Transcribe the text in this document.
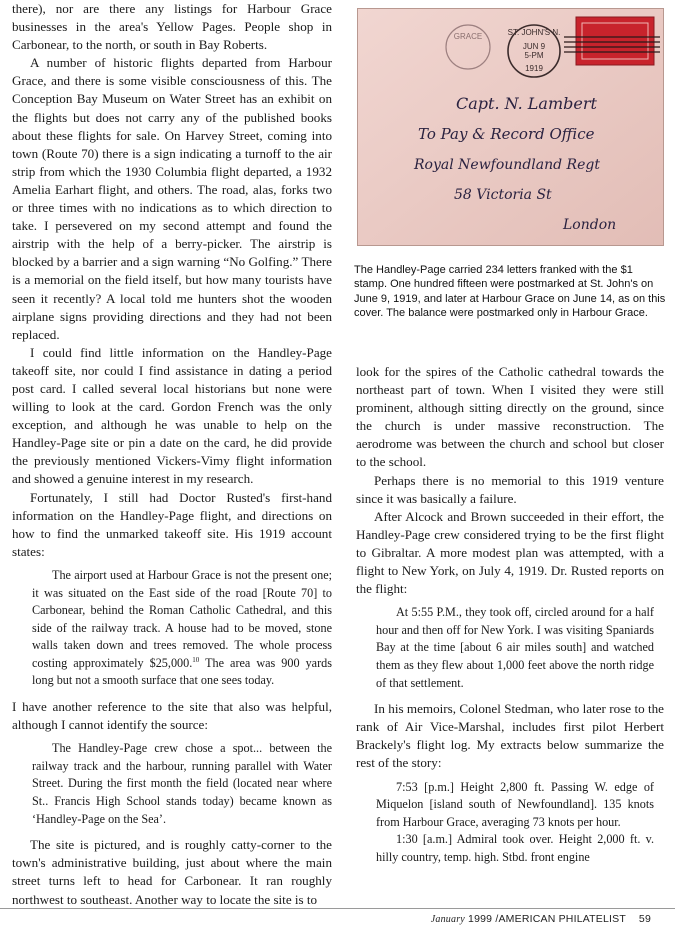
there), nor are there any listings for Harbour Grace businesses in the area's Yellow Pages. People shop in Carbonear, to the north, or south in Bay Roberts.

A number of historic flights departed from Harbour Grace, and there is some visible consciousness of this. The Conception Bay Museum on Water Street has an exhibit on the flights but does not carry any of the published books about these flights for sale. On Harvey Street, coming into town (Route 70) there is a sign indicating a turnoff to the air strip from which the 1930 Columbia flight departed, a 1932 Amelia Earhart flight, and others. The road, alas, forks two or three times with no indications as to which direction to take. I persevered on my second attempt and found the airstrip with the help of a berry-picker. The airstrip is blocked by a barrier and a sign warning “No Golfing.” There is a memorial on the field itself, but how many tourists have seen it recently? A local told me hunters shot the wooden airplane signs providing directions and they had not been replaced.

I could find little information on the Handley-Page takeoff site, nor could I find assistance in dating a period post card. I called several local historians but none were willing to look at the card. Gordon French was the only exception, and although he was unable to help on the Handley-Page site or pin a date on the card, he did provide the previously mentioned Vickers-Vimy flight information and showed a genuine interest in my research.

Fortunately, I still had Doctor Rusted's first-hand information on the Handley-Page flight, and directions on how to find the unmarked takeoff site. His 1919 account states:

The airport used at Harbour Grace is not the present one; it was situated on the East side of the road [Route 70] to Carbonear, behind the Roman Catholic Cathedral, and this side of the railway track. A house had to be moved, stone walls taken down and trees removed. The whole process costing approximately $25,000.10 The area was 900 yards long but not a smooth surface that one sees today.

I have another reference to the site that also was helpful, although I cannot identify the source:

The Handley-Page crew chose a spot... between the railway track and the harbour, running parallel with Water Street. During the first month the field (located near where St.. Francis High School stands today) became known as ‘Handley-Page on the Sea’.

The site is pictured, and is roughly catty-corner to the town's administrative building, just about where the main street turns left to head for Carbonear. It ran roughly northwest to southeast. Another way to locate the site is to

ST. JOHN'S N.
JUN 9
5-PM
1919
GRACE
Capt. N. Lambert
To Pay & Record Office
Royal Newfoundland Regt
58 Victoria St
London
The Handley-Page carried 234 letters franked with the $1 stamp. One hundred fifteen were postmarked at St. John's on June 9, 1919, and later at Harbour Grace on June 14, as on this cover. The balance were postmarked only in Harbour Grace.

look for the spires of the Catholic cathedral towards the northeast part of town. When I visited they were still prominent, although sitting directly on the ground, since the church is under massive reconstruction. The aerodrome was between the church and school but closer to the school.

Perhaps there is no memorial to this 1919 venture since it was basically a failure.

After Alcock and Brown succeeded in their effort, the Handley-Page crew considered trying to be the first flight to Gibraltar. A more modest plan was attempted, with a flight to New York, on July 4, 1919. Dr. Rusted reports on the flight:

At 5:55 P.M., they took off, circled around for a half hour and then off for New York. I was visiting Spaniards Bay at the time [about 6 air miles south] and watched them as they flew about 1,000 feet above the north ridge of that settlement.

In his memoirs, Colonel Stedman, who later rose to the rank of Air Vice-Marshal, includes first pilot Herbert Brackely's flight log. My extracts below summarize the rest of the story:

7:53 [p.m.] Height 2,800 ft. Passing W. edge of Miquelon [island south of Newfoundland]. 135 knots from Harbour Grace, averaging 73 knots per hour.
1:30 [a.m.] Admiral took over. Height 2,000 ft. v. hilly country, temp. high. Stbd. front engine
January 1999 /AMERICAN PHILATELIST 59
